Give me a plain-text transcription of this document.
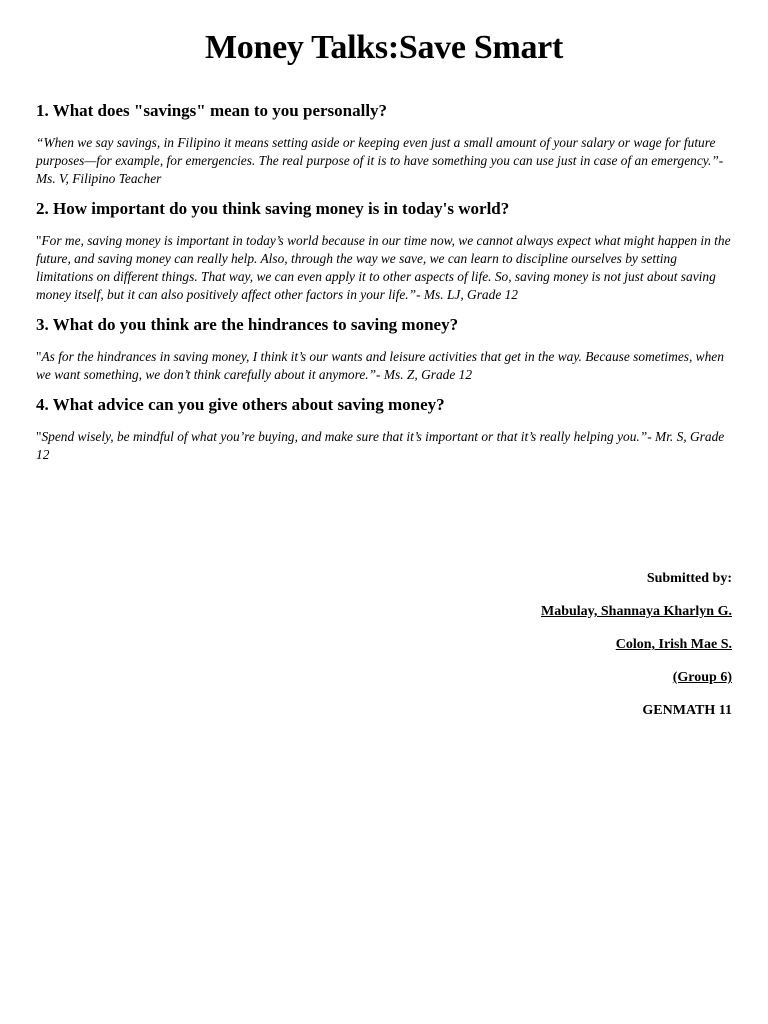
Money Talks:Save Smart
1. What does "savings" mean to you personally?

“When we say savings, in Filipino it means setting aside or keeping even just a small amount of your salary or wage for future purposes—for example, for emergencies. The real purpose of it is to have something you can use just in case of an emergency.”- Ms. V, Filipino Teacher

2. How important do you think saving money is in today's world?

"For me, saving money is important in today’s world because in our time now, we cannot always expect what might happen in the future, and saving money can really help. Also, through the way we save, we can learn to discipline ourselves by setting limitations on different things. That way, we can even apply it to other aspects of life. So, saving money is not just about saving money itself, but it can also positively affect other factors in your life.”- Ms. LJ, Grade 12

3. What do you think are the hindrances to saving money?

"As for the hindrances in saving money, I think it’s our wants and leisure activities that get in the way. Because sometimes, when we want something, we don’t think carefully about it anymore.”- Ms. Z, Grade 12

4. What advice can you give others about saving money?

"Spend wisely, be mindful of what you’re buying, and make sure that it’s important or that it’s really helping you.”- Mr. S, Grade 12

Submitted by:
Mabulay, Shannaya Kharlyn G.
Colon, Irish Mae S.
(Group 6)
GENMATH 11
